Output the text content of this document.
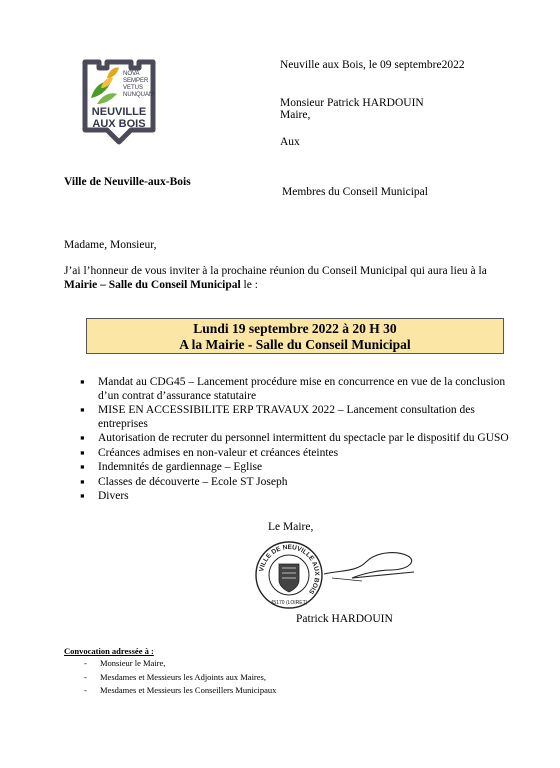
NOVA
SEMPER
VETUS
NUNQUAM
NEUVILLE
AUX BOIS
Neuville aux Bois, le 09 septembre2022
Monsieur Patrick HARDOUIN
Maire,
Aux
Ville de Neuville-aux-Bois
Membres du Conseil Municipal
Madame, Monsieur,
J’ai l’honneur de vous inviter à la prochaine réunion du Conseil Municipal qui aura lieu à la
Mairie – Salle du Conseil Municipal le :
Lundi 19 septembre 2022 à 20 H 30
A la Mairie - Salle du Conseil Municipal
▪ Mandat au CDG45 – Lancement procédure mise en concurrence en vue de la conclusion d’un contrat d’assurance statutaire
▪ MISE EN ACCESSIBILITE ERP TRAVAUX 2022 – Lancement consultation des entreprises
▪ Autorisation de recruter du personnel intermittent du spectacle par le dispositif du GUSO
▪ Créances admises en non-valeur et créances éteintes
▪ Indemnités de gardiennage – Eglise
▪ Classes de découverte – Ecole ST Joseph
▪ Divers
Le Maire,
VILLE DE NEUVILLE AUX BOIS
45170 (LOIRET)
Patrick HARDOUIN
Convocation adressée à :
- Monsieur le Maire,
- Mesdames et Messieurs les Adjoints aux Maires,
- Mesdames et Messieurs les Conseillers Municipaux
